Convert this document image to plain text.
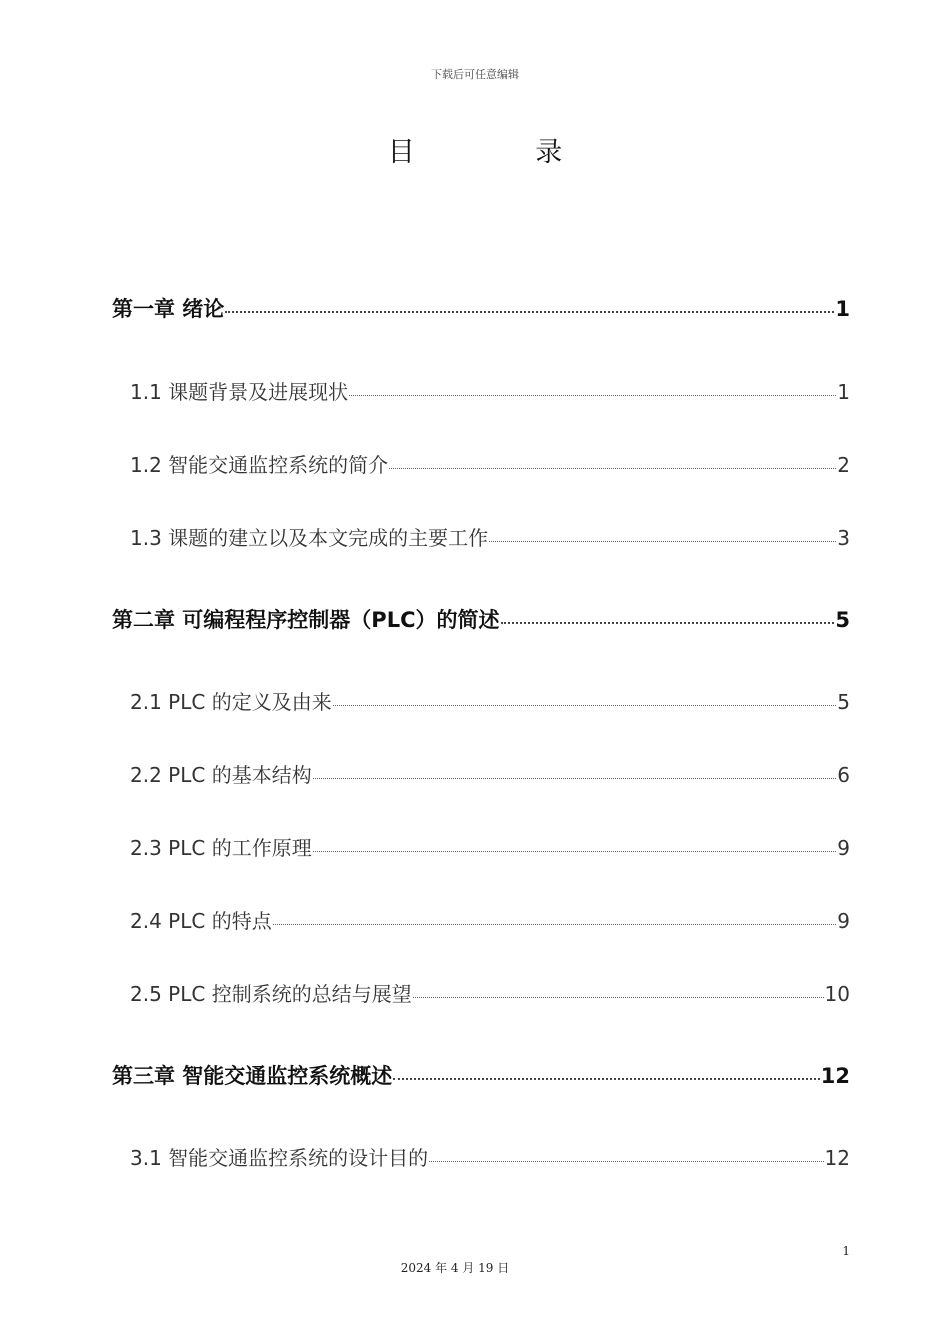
下载后可任意编辑
目 录
第一章 绪论	1
1.1 课题背景及进展现状	1
1.2 智能交通监控系统的简介	2
1.3 课题的建立以及本文完成的主要工作	3
第二章 可编程程序控制器（PLC）的简述	5
2.1 PLC 的定义及由来	5
2.2 PLC 的基本结构	6
2.3 PLC 的工作原理	9
2.4 PLC 的特点	9
2.5 PLC 控制系统的总结与展望	10
第三章 智能交通监控系统概述	12
3.1 智能交通监控系统的设计目的	12
1
2024 年 4 月 19 日
